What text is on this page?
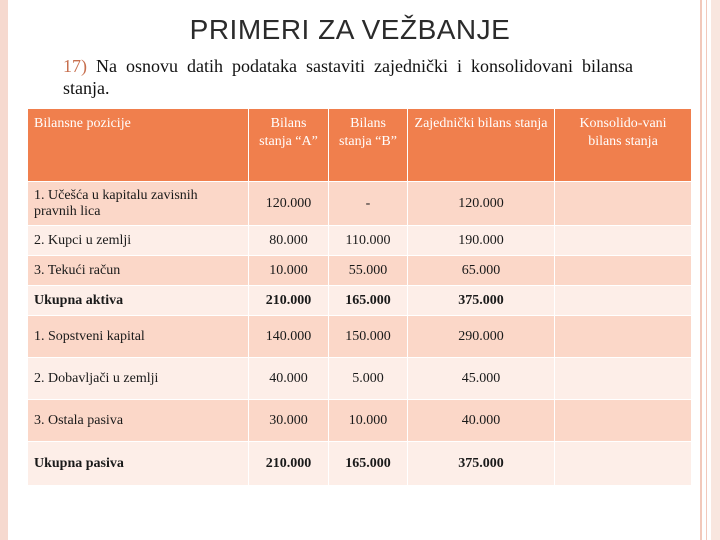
PRIMERI ZA VEŽBANJE
17) Na osnovu datih podataka sastaviti zajednički i konsolidovani bilansa stanja.
Bilansne pozicije	Bilans stanja “A”	Bilans stanja “B”	Zajednički bilans stanja	Konsolido-vani bilans stanja
1. Učešća u kapitalu zavisnih pravnih lica	120.000	-	120.000	
2. Kupci u zemlji	80.000	110.000	190.000	
3. Tekući račun	10.000	55.000	65.000	
Ukupna aktiva	210.000	165.000	375.000	
1. Sopstveni kapital	140.000	150.000	290.000	
2. Dobavljači u zemlji	40.000	5.000	45.000	
3. Ostala pasiva	30.000	10.000	40.000	
Ukupna pasiva	210.000	165.000	375.000	
